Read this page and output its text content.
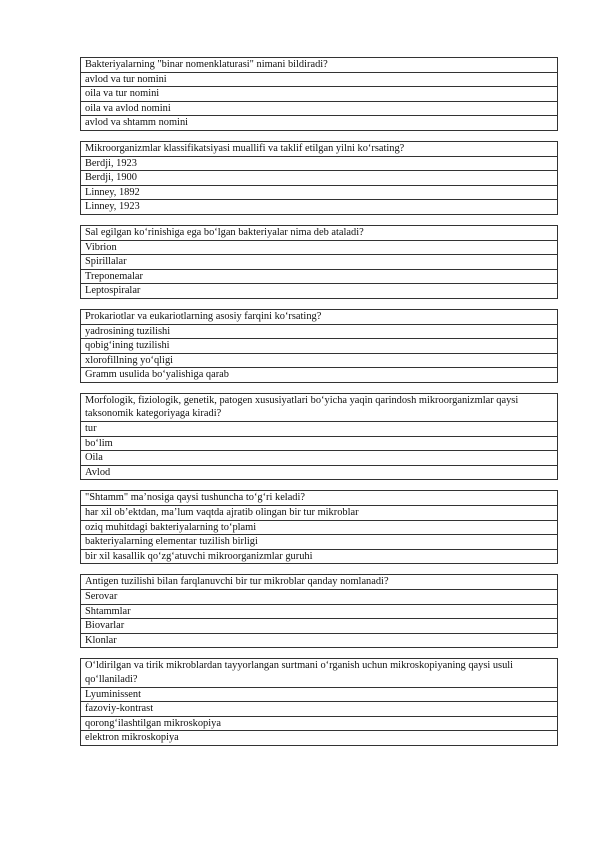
Bakteriyalarning "binar nomenklaturasi" nimani bildiradi?
avlod va tur nomini
oila va tur nomini
oila va avlod nomini
avlod va shtamm nomini
Mikroorganizmlar klassifikatsiyasi muallifi va taklif etilgan yilni ko‘rsating?
Berdji, 1923
Berdji, 1900
Linney, 1892
Linney, 1923
Sal egilgan ko‘rinishiga ega bo‘lgan bakteriyalar nima deb ataladi?
Vibrion
Spirillalar
Treponemalar
Leptospiralar
Prokariotlar va eukariotlarning asosiy farqini ko‘rsating?
yadrosining tuzilishi
qobig‘ining tuzilishi
xlorofillning yo‘qligi
Gramm usulida bo‘yalishiga qarab
Morfologik, fiziologik, genetik, patogen xususiyatlari bo‘yicha yaqin qarindosh mikroorganizmlar qaysi taksonomik kategoriyaga kiradi?
tur
bo‘lim
Oila
Avlod
"Shtamm" ma’nosiga qaysi tushuncha to‘g‘ri keladi?
har xil ob’ektdan, ma’lum vaqtda ajratib olingan bir tur mikroblar
oziq muhitdagi bakteriyalarning to‘plami
bakteriyalarning elementar tuzilish birligi
bir xil kasallik qo‘zg‘atuvchi mikroorganizmlar guruhi
Antigen tuzilishi bilan farqlanuvchi bir tur mikroblar qanday nomlanadi?
Serovar
Shtammlar
Biovarlar
Klonlar
O‘ldirilgan va tirik mikroblardan tayyorlangan surtmani o‘rganish uchun mikroskopiyaning qaysi usuli qo‘llaniladi?
Lyuminissent
fazoviy-kontrast
qorong‘ilashtilgan mikroskopiya
elektron mikroskopiya
